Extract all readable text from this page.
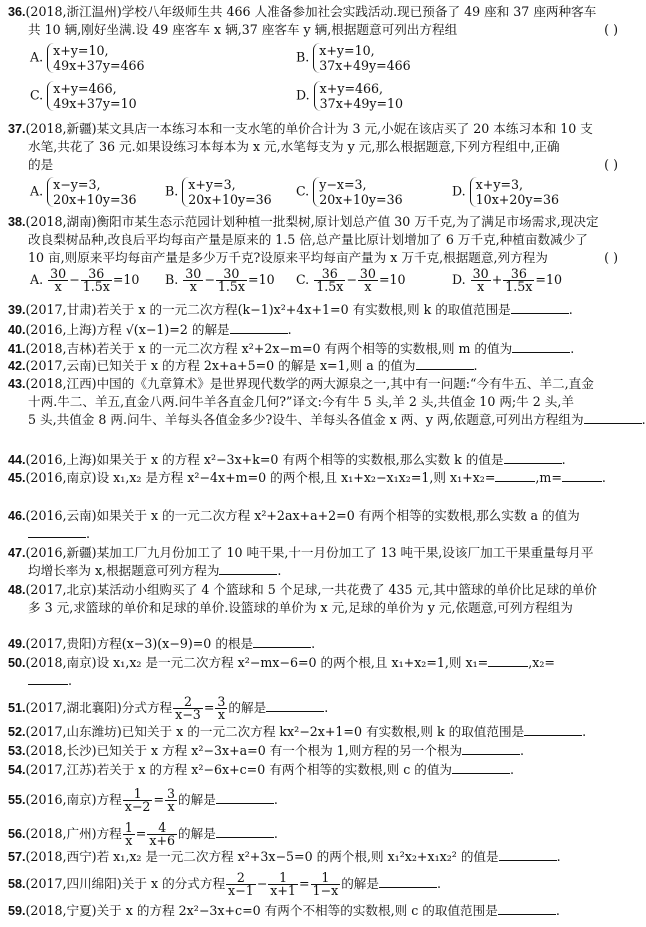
36.(2018,浙江温州)学校八年级师生共 466 人准备参加社会实践活动.现已预备了 49 座和 37 座两种客车
共 10 辆,刚好坐满.设 49 座客车 x 辆,37 座客车 y 辆,根据题意可列出方程组	( )
A. x+y=10,
49x+37y=466
B. x+y=10,
37x+49y=466
C. x+y=466,
49x+37y=10
D. x+y=466,
37x+49y=10
37.(2018,新疆)某文具店一本练习本和一支水笔的单价合计为 3 元,小妮在该店买了 20 本练习本和 10 支
水笔,共花了 36 元.如果设练习本每本为 x 元,水笔每支为 y 元,那么根据题意,下列方程组中,正确
的是	( )
A. x−y=3,
20x+10y=36
B. x+y=3,
20x+10y=36
C. y−x=3,
20x+10y=36
D. x+y=3,
10x+20y=36
38.(2018,湖南)衡阳市某生态示范园计划种植一批梨树,原计划总产值 30 万千克,为了满足市场需求,现决定
改良梨树品种,改良后平均每亩产量是原来的 1.5 倍,总产量比原计划增加了 6 万千克,种植亩数减少了
10 亩,则原来平均每亩产量是多少万千克?设原来平均每亩产量为 x 万千克,根据题意,列方程为	( )
A. $\frac{30}{x} - \frac{36}{1.5x} =10$ B. $\frac{30}{x} - \frac{30}{1.5x} =10$ C. $\frac{36}{1.5x} - \frac{30}{x} =10$	D. $\frac{30}{x} + \frac{36}{1.5x} =10$
39.(2017,甘肃)若关于 x 的一元二次方程(k−1)x²+4x+1=0 有实数根,则 k 的取值范围是	.
40.(2016,上海)方程 √(x−1)=2 的解是	.
41.(2018,吉林)若关于 x 的一元二次方程 x²+2x−m=0 有两个相等的实数根,则 m 的值为	.
42.(2017,云南)已知关于 x 的方程 2x+a+5=0 的解是 x=1,则 a 的值为	.
43.(2018,江西)中国的《九章算术》是世界现代数学的两大源泉之一,其中有一问题:“今有牛五、羊二,直金
十两.牛二、羊五,直金八两.问牛羊各直金几何?”译文:今有牛 5 头,羊 2 头,共值金 10 两;牛 2 头,羊
5 头,共值金 8 两.问牛、羊每头各值金多少?设牛、羊每头各值金 x 两、y 两,依题意,可列出方程组为	.
44.(2016,上海)如果关于 x 的方程 x²−3x+k=0 有两个相等的实数根,那么实数 k 的值是	.
45.(2016,南京)设 x₁,x₂ 是方程 x²−4x+m=0 的两个根,且 x₁+x₂−x₁x₂=1,则 x₁+x₂=	,m=	.
46.(2016,云南)如果关于 x 的一元二次方程 x²+2ax+a+2=0 有两个相等的实数根,那么实数 a 的值为
.
47.(2016,新疆)某加工厂九月份加工了 10 吨干果,十一月份加工了 13 吨干果,设该厂加工干果重量每月平
均增长率为 x,根据题意可列方程为	.
48.(2017,北京)某活动小组购买了 4 个篮球和 5 个足球,一共花费了 435 元,其中篮球的单价比足球的单价
多 3 元,求篮球的单价和足球的单价.设篮球的单价为 x 元,足球的单价为 y 元,依题意,可列方程组为
49.(2017,贵阳)方程(x−3)(x−9)=0 的根是	.
50.(2018,南京)设 x₁,x₂ 是一元二次方程 x²−mx−6=0 的两个根,且 x₁+x₂=1,则 x₁=	,x₂=
.
51.(2017,湖北襄阳)分式方程 $\frac{2}{x-3} = \frac{3}{x}$ 的解是	.
52.(2017,山东潍坊)已知关于 x 的一元二次方程 kx²−2x+1=0 有实数根,则 k 的取值范围是	.
53.(2018,长沙)已知关于 x 方程 x²−3x+a=0 有一个根为 1,则方程的另一个根为	.
54.(2017,江苏)若关于 x 的方程 x²−6x+c=0 有两个相等的实数根,则 c 的值为	.
55.(2016,南京)方程 $\frac{1}{x-2} = \frac{3}{x}$ 的解是	.
56.(2018,广州)方程 $\frac{1}{x} = \frac{4}{x+6}$ 的解是	.
57.(2018,西宁)若 x₁,x₂ 是一元二次方程 x²+3x−5=0 的两个根,则 x₁²x₂+x₁x₂² 的值是	.
58.(2017,四川绵阳)关于 x 的分式方程 $\frac{2}{x-1} - \frac{1}{x+1} = \frac{1}{1-x}$ 的解是	.
59.(2018,宁夏)关于 x 的方程 2x²−3x+c=0 有两个不相等的实数根,则 c 的取值范围是	.
